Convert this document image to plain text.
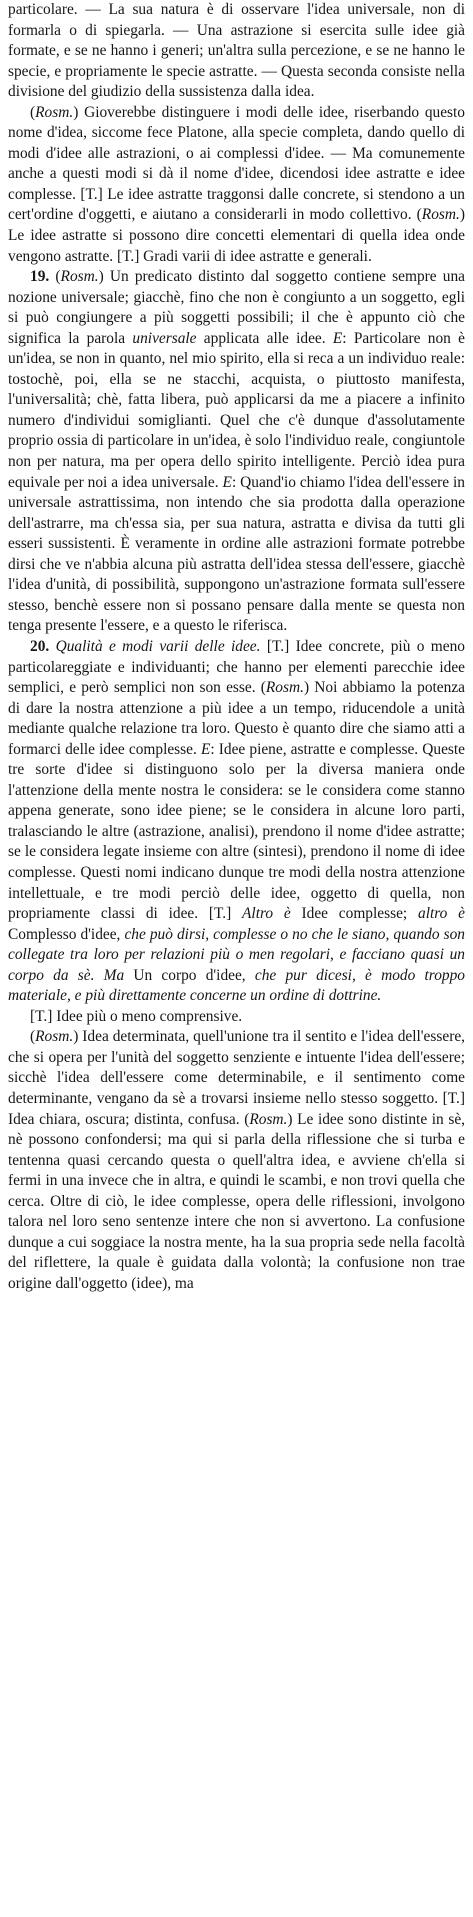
particolare. — La sua natura è di osservare l'idea universale, non di formarla o di spiegarla. — Una astrazione si esercita sulle idee già formate, e se ne hanno i generi; un'altra sulla percezione, e se ne hanno le specie, e propriamente le specie astratte. — Questa seconda consiste nella divisione del giudizio della sussistenza dalla idea.

(Rosm.) Gioverebbe distinguere i modi delle idee, riserbando questo nome d'idea, siccome fece Platone, alla specie completa, dando quello di modi d'idee alle astrazioni, o ai complessi d'idee. — Ma comunemente anche a questi modi si dà il nome d'idee, dicendosi idee astratte e idee complesse. [T.] Le idee astratte traggonsi dalle concrete, si stendono a un cert'ordine d'oggetti, e aiutano a considerarli in modo collettivo. (Rosm.) Le idee astratte si possono dire concetti elementari di quella idea onde vengono astratte. [T.] Gradi varii di idee astratte e generali.

19. (Rosm.) Un predicato distinto dal soggetto contiene sempre una nozione universale; giacchè, fino che non è congiunto a un soggetto, egli si può congiungere a più soggetti possibili; il che è appunto ciò che significa la parola universale applicata alle idee. E: Particolare non è un'idea, se non in quanto, nel mio spirito, ella si reca a un individuo reale: tostochè, poi, ella se ne stacchi, acquista, o piuttosto manifesta, l'universalità; chè, fatta libera, può applicarsi da me a piacere a infinito numero d'individui somiglianti. Quel che c'è dunque d'assolutamente proprio ossia di particolare in un'idea, è solo l'individuo reale, congiuntole non per natura, ma per opera dello spirito intelligente. Perciò idea pura equivale per noi a idea universale. E: Quand'io chiamo l'idea dell'essere in universale astrattissima, non intendo che sia prodotta dalla operazione dell'astrarre, ma ch'essa sia, per sua natura, astratta e divisa da tutti gli esseri sussistenti. È veramente in ordine alle astrazioni formate potrebbe dirsi che ve n'abbia alcuna più astratta dell'idea stessa dell'essere, giacchè l'idea d'unità, di possibilità, suppongono un'astrazione formata sull'essere stesso, benchè essere non si possano pensare dalla mente se questa non tenga presente l'essere, e a questo le riferisca.

20. Qualità e modi varii delle idee. [T.] Idee concrete, più o meno particolareggiate e individuanti; che hanno per elementi parecchie idee semplici, e però semplici non son esse. (Rosm.) Noi abbiamo la potenza di dare la nostra attenzione a più idee a un tempo, riducendole a unità mediante qualche relazione tra loro. Questo è quanto dire che siamo atti a formarci delle idee complesse. E: Idee piene, astratte e complesse. Queste tre sorte d'idee si distinguono solo per la diversa maniera onde l'attenzione della mente nostra le considera: se le considera come stanno appena generate, sono idee piene; se le considera in alcune loro parti, tralasciando le altre (astrazione, analisi), prendono il nome d'idee astratte; se le considera legate insieme con altre (sintesi), prendono il nome di idee complesse. Questi nomi indicano dunque tre modi della nostra attenzione intellettuale, e tre modi perciò delle idee, oggetto di quella, non propriamente classi di idee. [T.] Altro è Idee complesse; altro è Complesso d'idee, che può dirsi, complesse o no che le siano, quando son collegate tra loro per relazioni più o men regolari, e facciano quasi un corpo da sè. Ma Un corpo d'idee, che pur dicesi, è modo troppo materiale, e più direttamente concerne un ordine di dottrine.

[T.] Idee più o meno comprensive.

(Rosm.) Idea determinata, quell'unione tra il sentito e l'idea dell'essere, che si opera per l'unità del soggetto senziente e intuente l'idea dell'essere; sicchè l'idea dell'essere come determinabile, e il sentimento come determinante, vengano da sè a trovarsi insieme nello stesso soggetto. [T.] Idea chiara, oscura; distinta, confusa. (Rosm.) Le idee sono distinte in sè, nè possono confondersi; ma qui si parla della riflessione che si turba e tentenna quasi cercando questa o quell'altra idea, e avviene ch'ella si fermi in una invece che in altra, e quindi le scambi, e non trovi quella che cerca. Oltre di ciò, le idee complesse, opera delle riflessioni, involgono talora nel loro seno sentenze intere che non si avvertono. La confusione dunque a cui soggiace la nostra mente, ha la sua propria sede nella facoltà del riflettere, la quale è guidata dalla volontà; la confusione non trae origine dall'oggetto (idee), ma
